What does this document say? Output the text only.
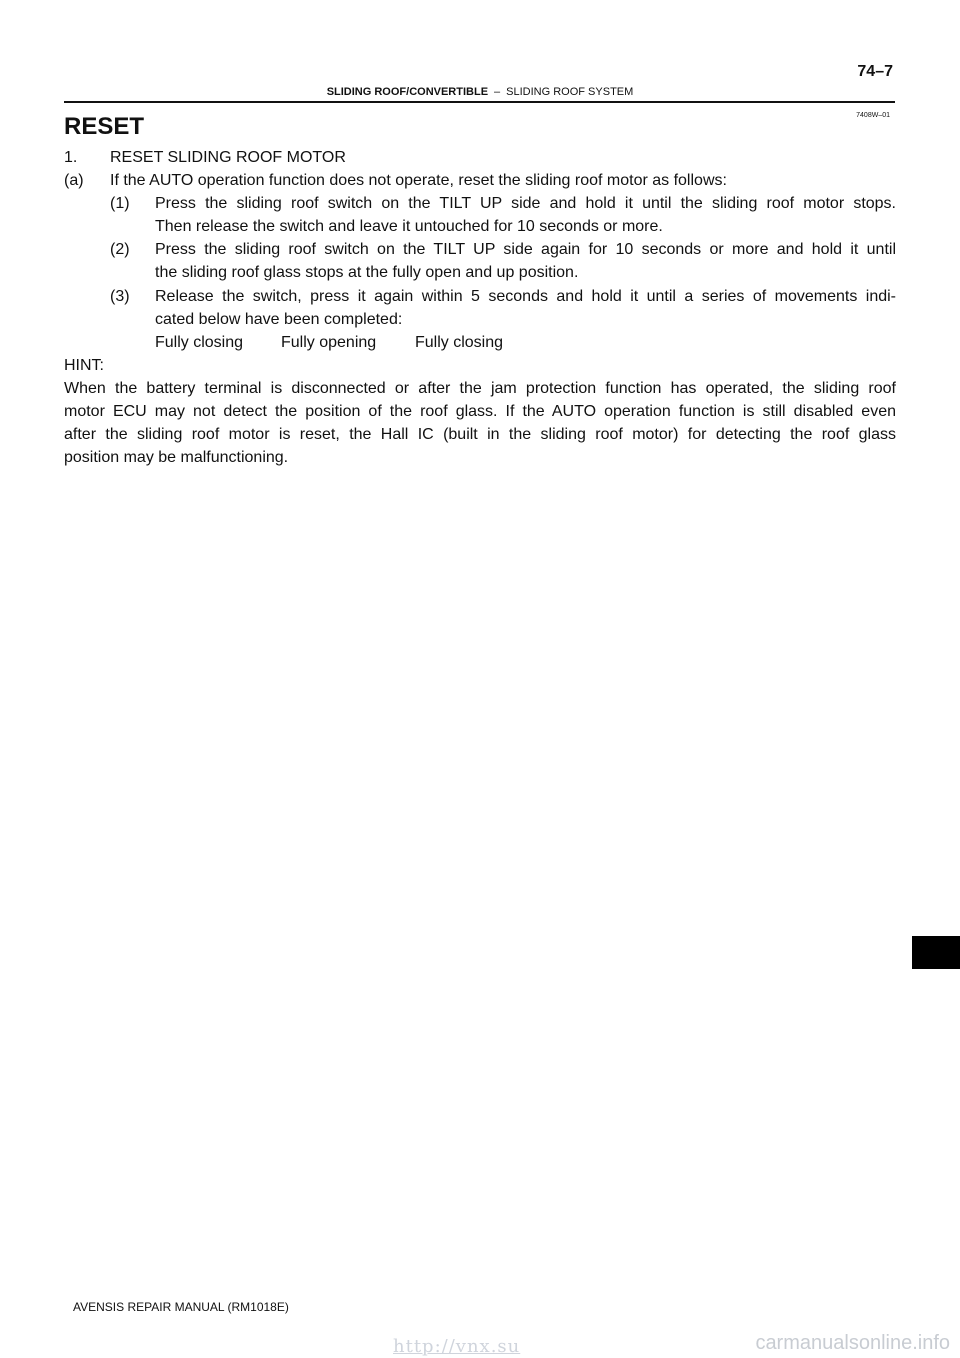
74–7
SLIDING ROOF/CONVERTIBLE – SLIDING ROOF SYSTEM
7408W–01
RESET
1. RESET SLIDING ROOF MOTOR
(a) If the AUTO operation function does not operate, reset the sliding roof motor as follows:
(1) Press the sliding roof switch on the TILT UP side and hold it until the sliding roof motor stops.
Then release the switch and leave it untouched for 10 seconds or more.
(2) Press the sliding roof switch on the TILT UP side again for 10 seconds or more and hold it until
the sliding roof glass stops at the fully open and up position.
(3) Release the switch, press it again within 5 seconds and hold it until a series of movements indi-
cated below have been completed:
Fully closing Fully opening Fully closing
HINT:
When the battery terminal is disconnected or after the jam protection function has operated, the sliding roof
motor ECU may not detect the position of the roof glass. If the AUTO operation function is still disabled even
after the sliding roof motor is reset, the Hall IC (built in the sliding roof motor) for detecting the roof glass
position may be malfunctioning.
AVENSIS REPAIR MANUAL (RM1018E)
http://vnx.su	carmanualsonline.info
